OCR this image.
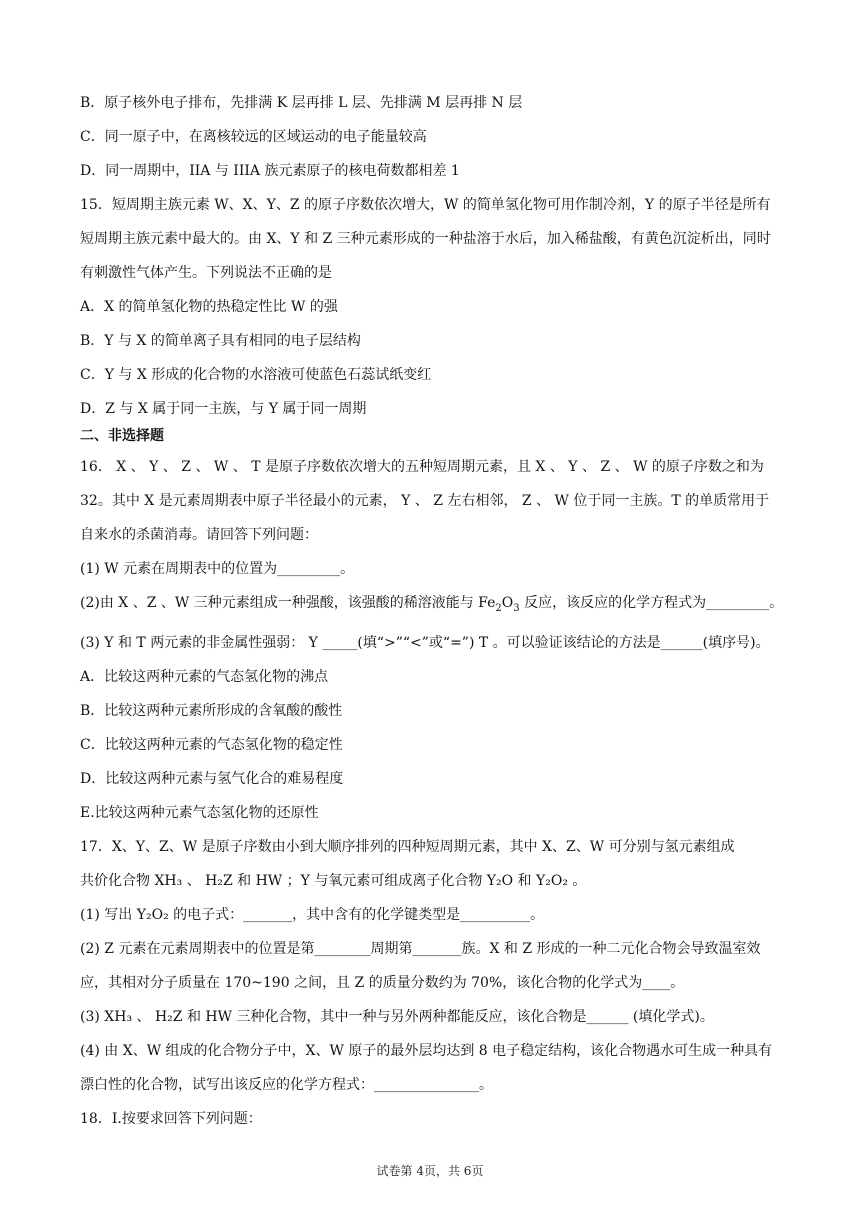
B．原子核外电子排布，先排满 K 层再排 L 层、先排满 M 层再排 N 层
C．同一原子中，在离核较远的区域运动的电子能量较高
D．同一周期中，IIA 与 IIIA 族元素原子的核电荷数都相差 1
15．短周期主族元素 W、X、Y、Z 的原子序数依次增大，W 的简单氢化物可用作制冷剂，Y 的原子半径是所有短周期主族元素中最大的。由 X、Y 和 Z 三种元素形成的一种盐溶于水后，加入稀盐酸，有黄色沉淀析出，同时有刺激性气体产生。下列说法不正确的是
A．X 的简单氢化物的热稳定性比 W 的强
B．Y 与 X 的简单离子具有相同的电子层结构
C．Y 与 X 形成的化合物的水溶液可使蓝色石蕊试纸变红
D．Z 与 X 属于同一主族，与 Y 属于同一周期
二、非选择题
16． X 、 Y 、 Z 、 W 、 T 是原子序数依次增大的五种短周期元素，且 X 、 Y 、 Z 、 W 的原子序数之和为 32。其中 X 是元素周期表中原子半径最小的元素， Y 、 Z 左右相邻， Z 、 W 位于同一主族。T 的单质常用于自来水的杀菌消毒。请回答下列问题：
(1) W 元素在周期表中的位置为_________。
(2)由 X 、Z 、W 三种元素组成一种强酸，该强酸的稀溶液能与 $Fe_2O_3$ 反应，该反应的化学方程式为_________。
(3) Y 和 T 两元素的非金属性强弱： Y _____(填“>”“<”或“=”) T 。可以验证该结论的方法是______(填序号)。
A．比较这两种元素的气态氢化物的沸点
B．比较这两种元素所形成的含氧酸的酸性
C．比较这两种元素的气态氢化物的稳定性
D．比较这两种元素与氢气化合的难易程度
E.比较这两种元素气态氢化物的还原性
17．X、Y、Z、W 是原子序数由小到大顺序排列的四种短周期元素，其中 X、Z、W 可分别与氢元素组成
共价化合物 XH₃ 、 H₂Z 和 HW ；Y 与氧元素可组成离子化合物 Y₂O 和 Y₂O₂ 。
(1) 写出 Y₂O₂ 的电子式：_______，其中含有的化学键类型是__________。
(2) Z 元素在元素周期表中的位置是第________周期第_______族。X 和 Z 形成的一种二元化合物会导致温室效应，其相对分子质量在 170~190 之间，且 Z 的质量分数约为 70%，该化合物的化学式为____。
(3) XH₃ 、 H₂Z 和 HW 三种化合物，其中一种与另外两种都能反应，该化合物是______ (填化学式)。
(4) 由 X、W 组成的化合物分子中，X、W 原子的最外层均达到 8 电子稳定结构，该化合物遇水可生成一种具有漂白性的化合物，试写出该反应的化学方程式：_______________。
18．I.按要求回答下列问题：
试卷第 4页，共 6页
